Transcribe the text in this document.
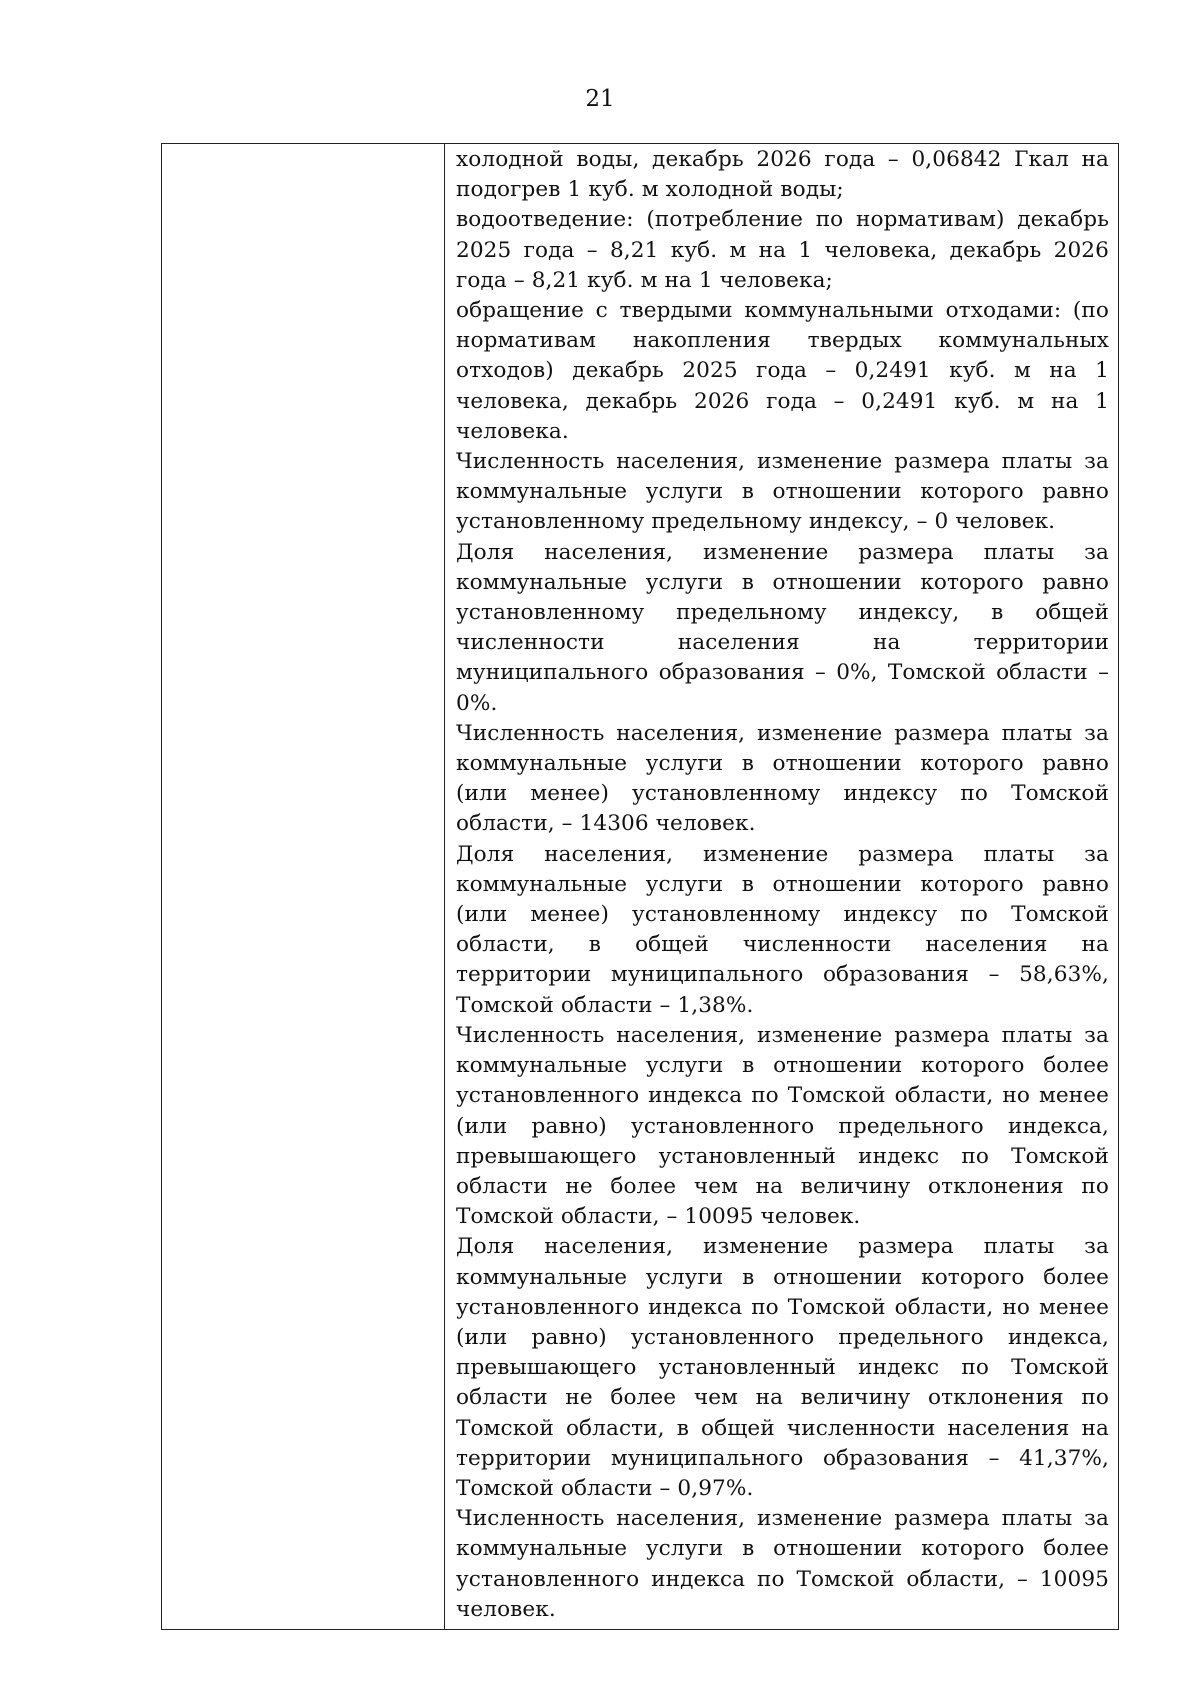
21

холодной воды, декабрь 2026 года – 0,06842 Гкал на подогрев 1 куб. м холодной воды;

водоотведение: (потребление по нормативам) декабрь 2025 года – 8,21 куб. м на 1 человека, декабрь 2026 года – 8,21 куб. м на 1 человека;

обращение с твердыми коммунальными отходами: (по нормативам накопления твердых коммунальных отходов) декабрь 2025 года – 0,2491 куб. м на 1 человека, декабрь 2026 года – 0,2491 куб. м на 1 человека.

Численность населения, изменение размера платы за коммунальные услуги в отношении которого равно установленному предельному индексу, – 0 человек.

Доля населения, изменение размера платы за коммунальные услуги в отношении которого равно установленному предельному индексу, в общей численности населения на территории муниципального образования – 0%, Томской области – 0%.

Численность населения, изменение размера платы за коммунальные услуги в отношении которого равно (или менее) установленному индексу по Томской области, – 14306 человек.

Доля населения, изменение размера платы за коммунальные услуги в отношении которого равно (или менее) установленному индексу по Томской области, в общей численности населения на территории муниципального образования – 58,63%, Томской области – 1,38%.

Численность населения, изменение размера платы за коммунальные услуги в отношении которого более установленного индекса по Томской области, но менее (или равно) установленного предельного индекса, превышающего установленный индекс по Томской области не более чем на величину отклонения по Томской области, – 10095 человек.

Доля населения, изменение размера платы за коммунальные услуги в отношении которого более установленного индекса по Томской области, но менее (или равно) установленного предельного индекса, превышающего установленный индекс по Томской области не более чем на величину отклонения по Томской области, в общей численности населения на территории муниципального образования – 41,37%, Томской области – 0,97%.

Численность населения, изменение размера платы за коммунальные услуги в отношении которого более установленного индекса по Томской области, – 10095 человек.
